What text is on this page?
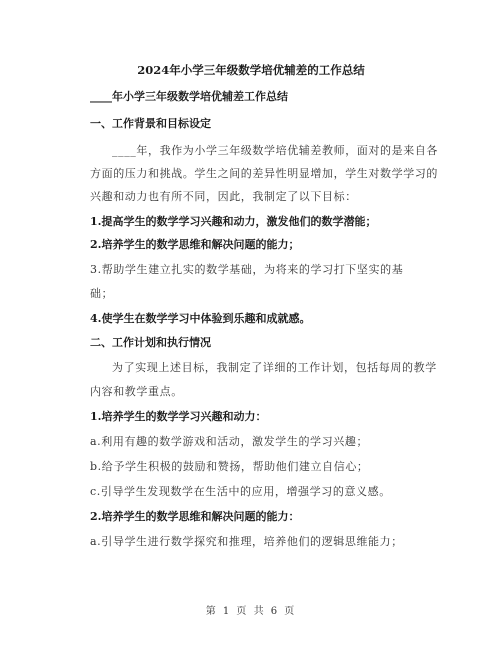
2024年小学三年级数学培优辅差的工作总结
____年小学三年级数学培优辅差工作总结
一、工作背景和目标设定
____年，我作为小学三年级数学培优辅差教师，面对的是来自各
方面的压力和挑战。学生之间的差异性明显增加，学生对数学学习的
兴趣和动力也有所不同，因此，我制定了以下目标：
1.提高学生的数学学习兴趣和动力，激发他们的数学潜能；
2.培养学生的数学思维和解决问题的能力；
3.帮助学生建立扎实的数学基础，为将来的学习打下坚实的基
础；
4.使学生在数学学习中体验到乐趣和成就感。
二、工作计划和执行情况
为了实现上述目标，我制定了详细的工作计划，包括每周的教学
内容和教学重点。
1.培养学生的数学学习兴趣和动力：
a.利用有趣的数学游戏和活动，激发学生的学习兴趣；
b.给予学生积极的鼓励和赞扬，帮助他们建立自信心；
c.引导学生发现数学在生活中的应用，增强学习的意义感。
2.培养学生的数学思维和解决问题的能力：
a.引导学生进行数学探究和推理，培养他们的逻辑思维能力；
第 1 页 共 6 页
